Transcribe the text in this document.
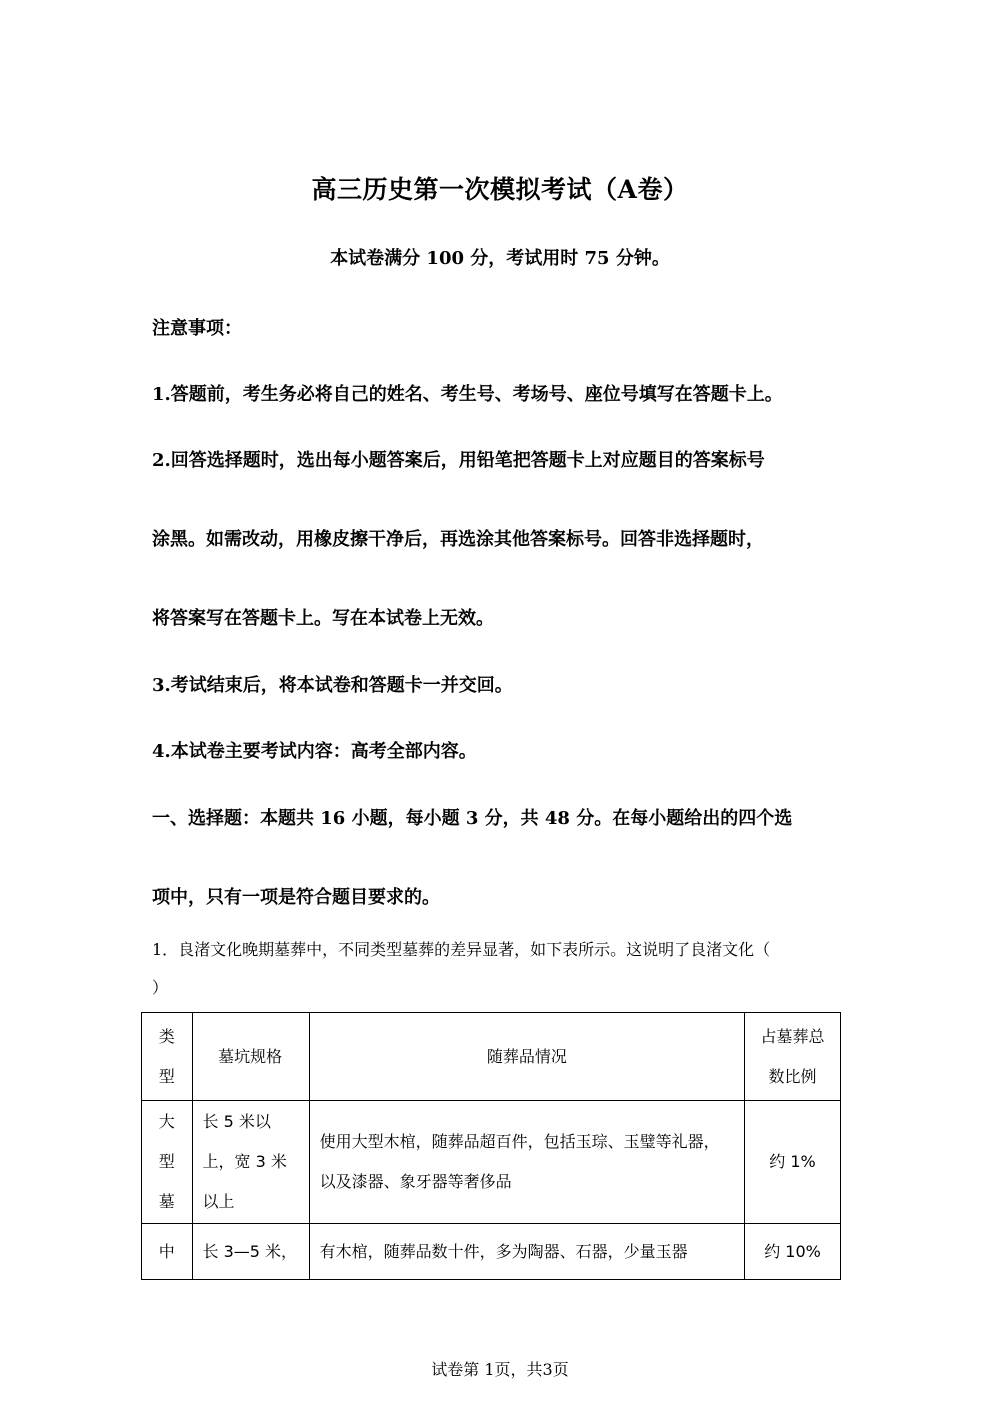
高三历史第一次模拟考试（A卷）
本试卷满分 100 分，考试用时 75 分钟。
注意事项：
1.答题前，考生务必将自己的姓名、考生号、考场号、座位号填写在答题卡上。
2.回答选择题时，选出每小题答案后，用铅笔把答题卡上对应题目的答案标号
涂黑。如需改动，用橡皮擦干净后，再选涂其他答案标号。回答非选择题时，
将答案写在答题卡上。写在本试卷上无效。
3.考试结束后，将本试卷和答题卡一并交回。
4.本试卷主要考试内容：高考全部内容。
一、选择题：本题共 16 小题，每小题 3 分，共 48 分。在每小题给出的四个选
项中，只有一项是符合题目要求的。
1．良渚文化晚期墓葬中，不同类型墓葬的差异显著，如下表所示。这说明了良渚文化（
）
类型	墓坑规格	随葬品情况	占墓葬总数比例

大型墓	长 5 米以上，宽 3 米以上	使用大型木棺，随葬品超百件，包括玉琮、玉璧等礼器，以及漆器、象牙器等奢侈品	约 1%
中	长 3—5 米，	有木棺，随葬品数十件，多为陶器、石器，少量玉器	约 10%
试卷第 1页，共3页
